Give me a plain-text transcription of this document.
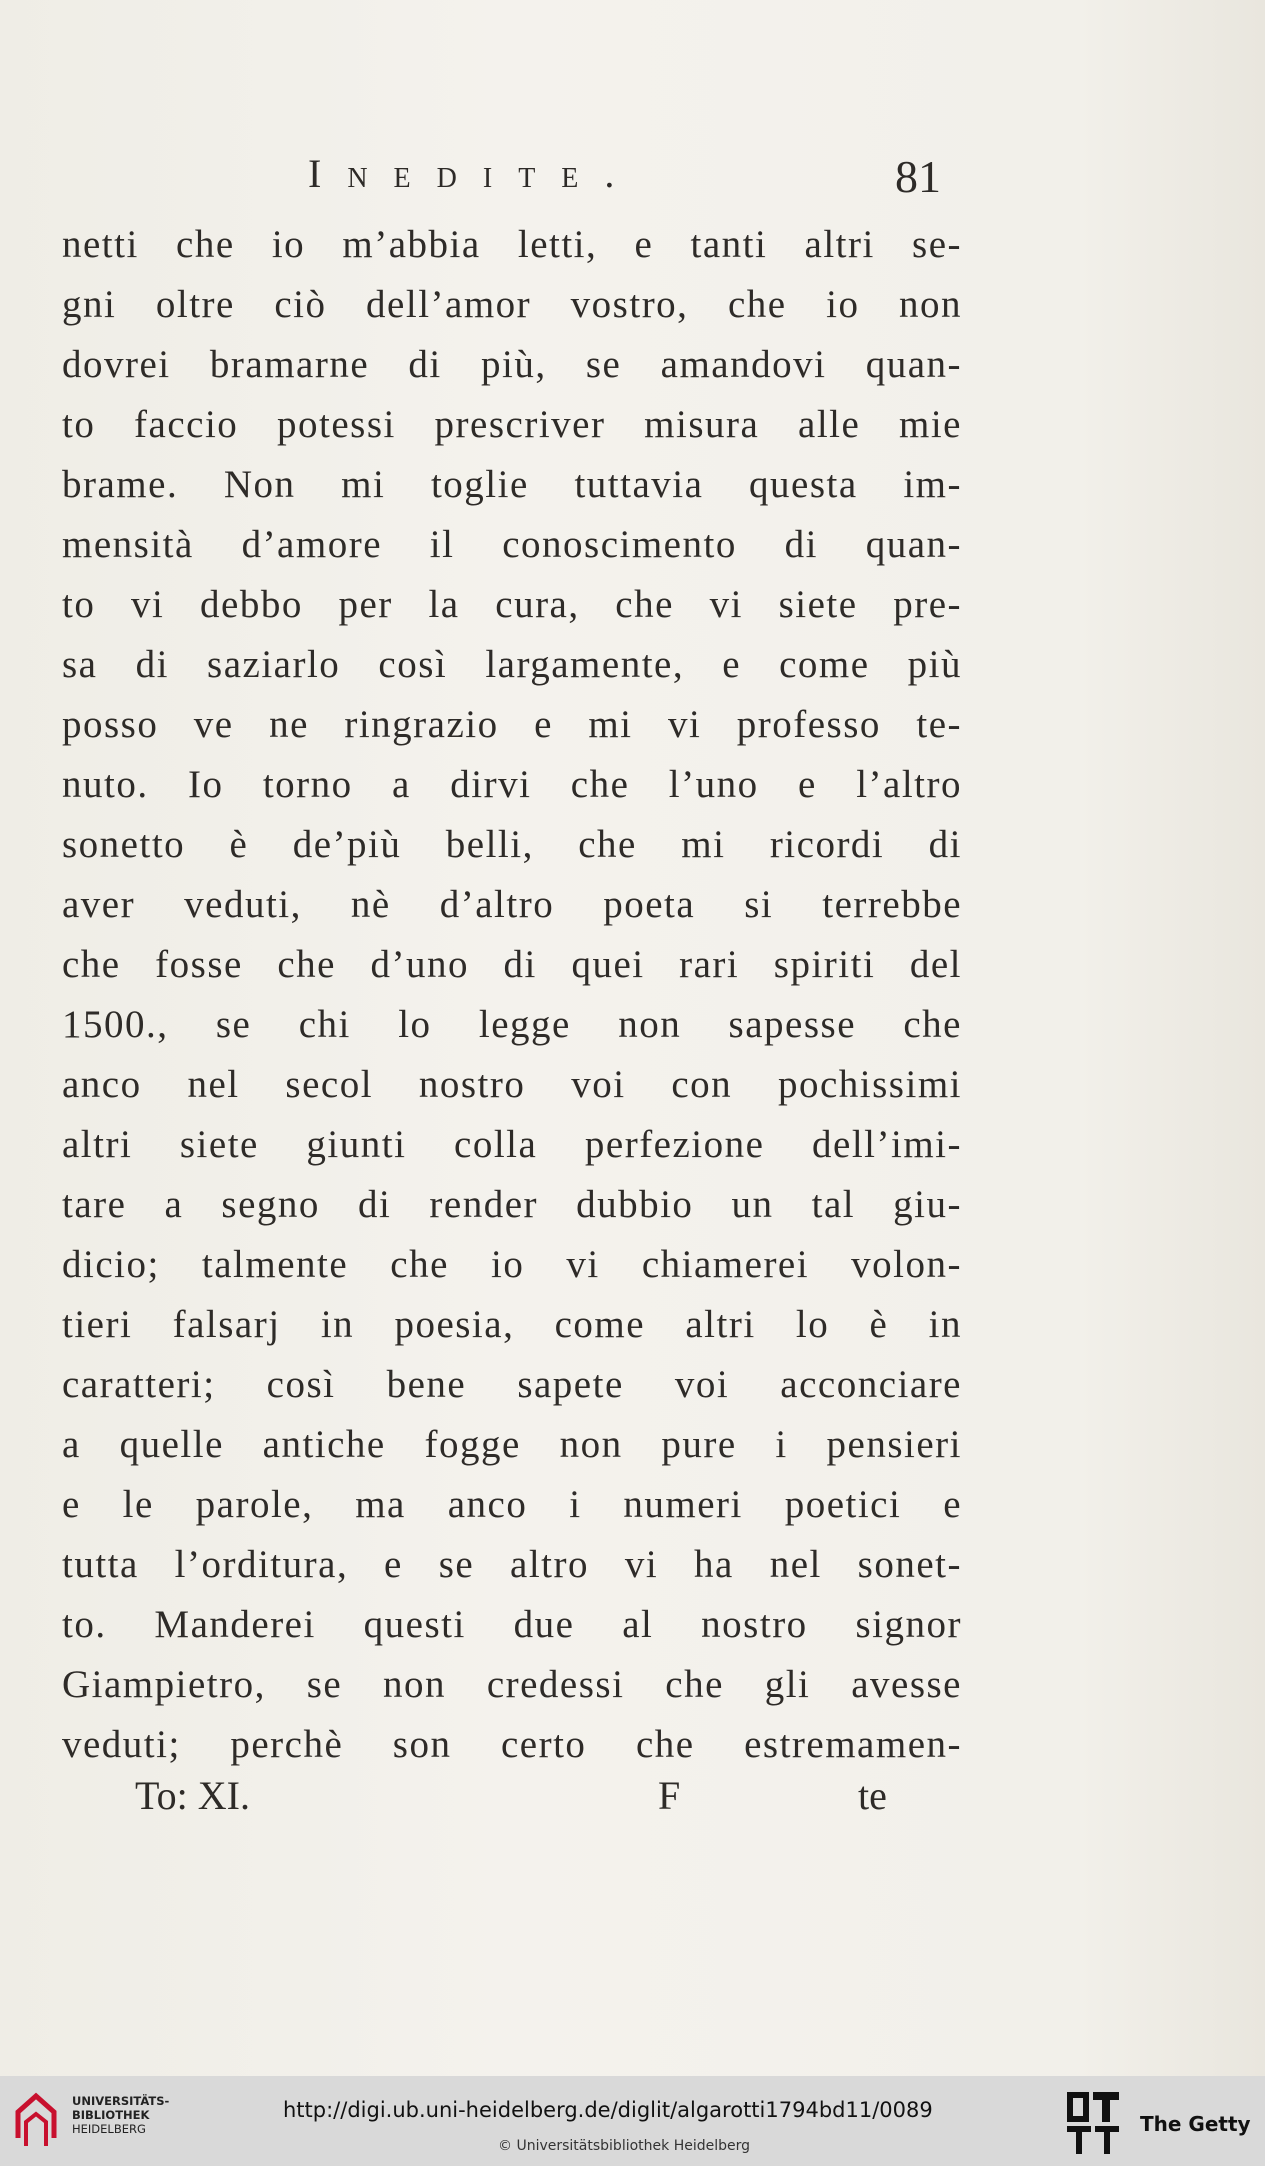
Inedite.	81
netti che io m’abbia letti, e tanti altri se-
gni oltre ciò dell’amor vostro, che io non
dovrei bramarne di più, se amandovi quan-
to faccio potessi prescriver misura alle mie
brame. Non mi toglie tuttavia questa im-
mensità d’amore il conoscimento di quan-
to vi debbo per la cura, che vi siete pre-
sa di saziarlo così largamente, e come più
posso ve ne ringrazio e mi vi professo te-
nuto. Io torno a dirvi che l’uno e l’altro
sonetto è de’più belli, che mi ricordi di
aver veduti, nè d’altro poeta si terrebbe
che fosse che d’uno di quei rari spiriti del
1500., se chi lo legge non sapesse che
anco nel secol nostro voi con pochissimi
altri siete giunti colla perfezione dell’imi-
tare a segno di render dubbio un tal giu-
dicio; talmente che io vi chiamerei volon-
tieri falsarj in poesia, come altri lo è in
caratteri; così bene sapete voi acconciare
a quelle antiche fogge non pure i pensieri
e le parole, ma anco i numeri poetici e
tutta l’orditura, e se altro vi ha nel sonet-
to. Manderei questi due al nostro signor
Giampietro, se non credessi che gli avesse
veduti; perchè son certo che estremamen-
To: XI.	F	te
UNIVERSITÄTS-
BIBLIOTHEK
HEIDELBERG
http://digi.ub.uni-heidelberg.de/diglit/algarotti1794bd11/0089
© Universitätsbibliothek Heidelberg
The Getty
